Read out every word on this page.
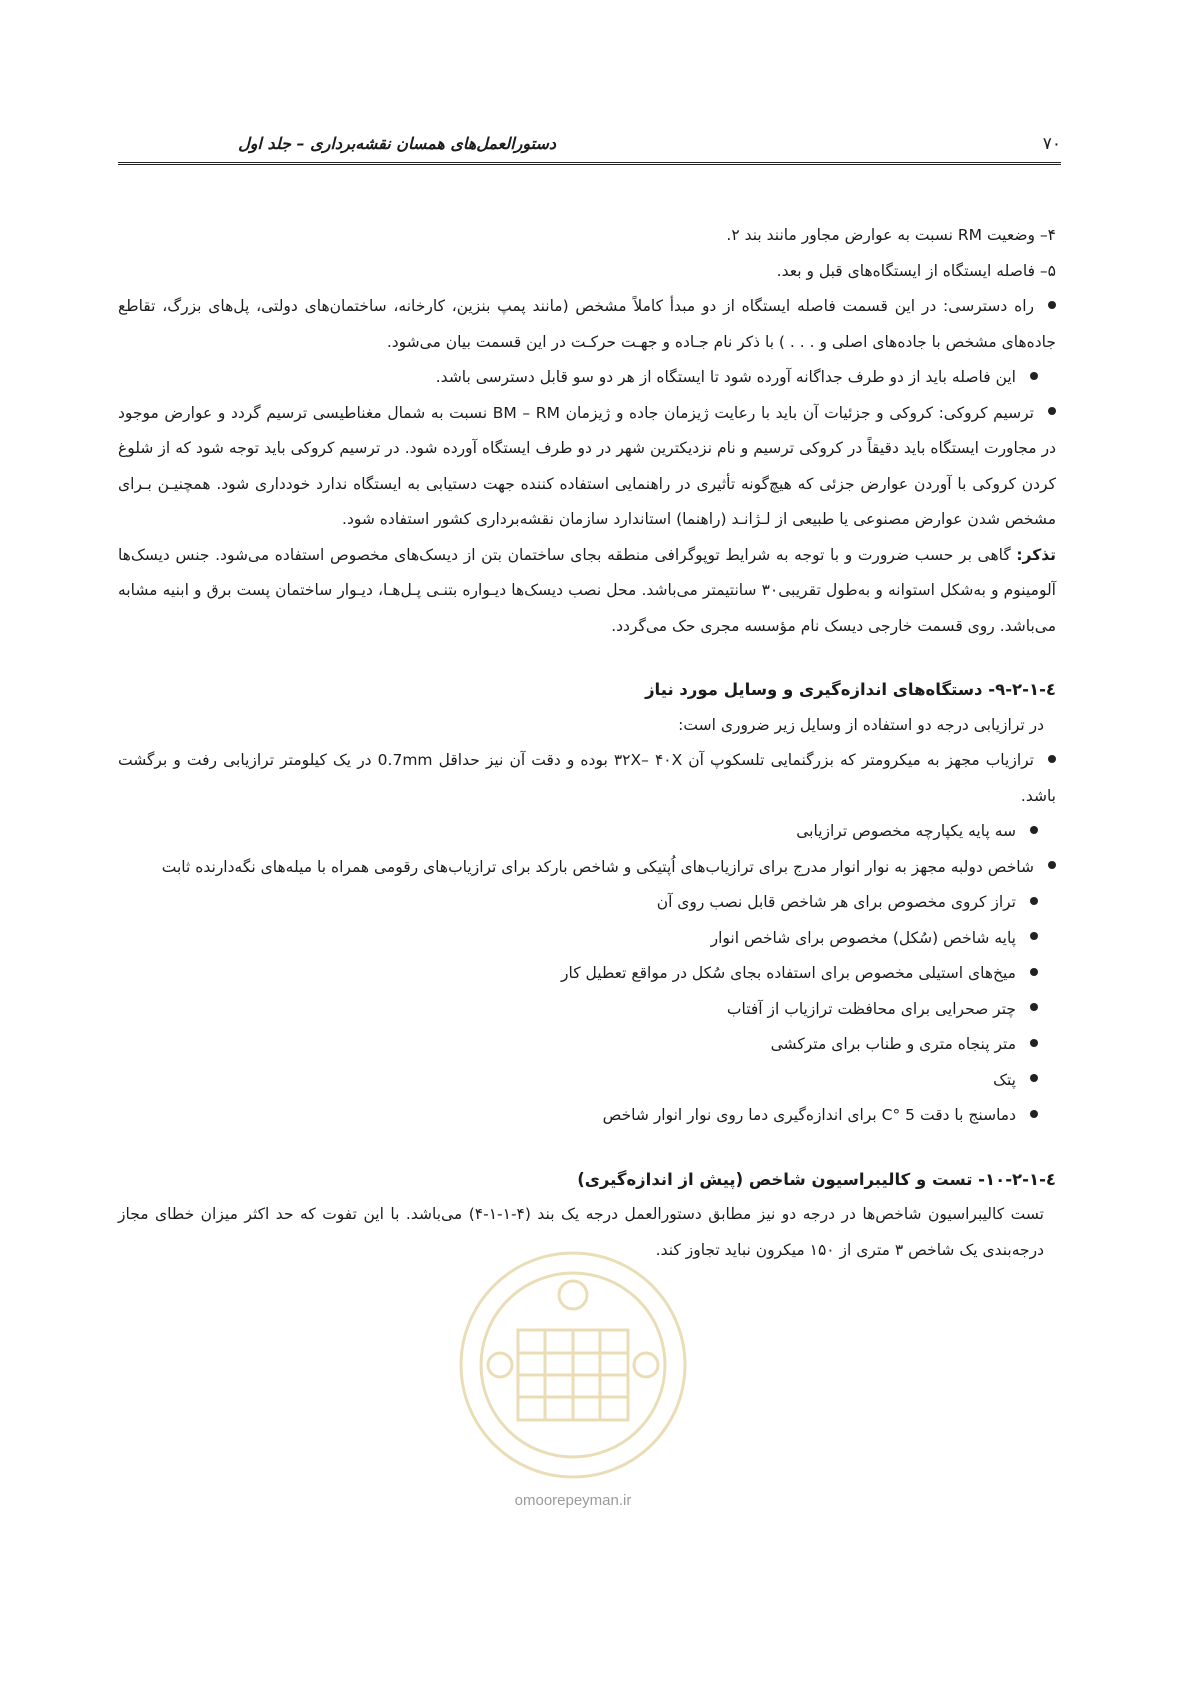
۷۰
دستورالعمل‌های همسان نقشه‌برداری – جلد اول

۴– وضعیت RM نسبت به عوارض مجاور مانند بند ۲.

۵– فاصله ایستگاه از ایستگاه‌های قبل و بعد.

راه دسترسی: در این قسمت فاصله ایستگاه از دو مبدأ کاملاً مشخص (مانند پمپ بنزین، کارخانه، ساختمان‌های دولتی، پل‌های بزرگ، تقاطع جاده‌های مشخص با جاده‌های اصلی و . . . ) با ذکر نام جـاده و جهـت حرکـت در این قسمت بیان می‌شود.

این فاصله باید از دو طرف جداگانه آورده شود تا ایستگاه از هر دو سو قابل دسترسی باشد.

ترسیم کروکی: کروکی و جزئیات آن باید با رعایت ژیزمان جاده و ژیزمان BM – RM نسبت به شمال مغناطیسی ترسیم گردد و عوارض موجود در مجاورت ایستگاه باید دقیقاً در کروکی ترسیم و نام نزدیکترین شهر در دو طرف ایستگاه آورده شود. در ترسیم کروکی باید توجه شود که از شلوغ کردن کروکی با آوردن عوارض جزئی که هیچ‌گونه تأثیری در راهنمایی استفاده کننده جهت دستیابی به ایستگاه ندارد خودداری شود. همچنیـن بـرای مشخص شدن عوارض مصنوعی یا طبیعی از لـژانـد (راهنما) استاندارد سازمان نقشه‌برداری کشور استفاده شود.

تذکر: گاهی بر حسب ضرورت و با توجه به شرایط توپوگرافی منطقه بجای ساختمان بتن از دیسک‌های مخصوص استفاده می‌شود. جنس دیسک‌ها آلومینوم و به‌شکل استوانه و به‌طول تقریبی۳۰ سانتیمتر می‌باشد. محل نصب دیسک‌ها دیـواره بتنـی پـل‌هـا، دیـوار ساختمان پست برق و ابنیه مشابه می‌باشد. روی قسمت خارجی دیسک نام مؤسسه مجری حک می‌گردد.

٤-١-٢-٩- دستگاه‌های اندازه‌گیری و وسایل مورد نیاز

در ترازیابی درجه دو استفاده از وسایل زیر ضروری است:

ترازیاب مجهز به میکرومتر که بزرگنمایی تلسکوپ آن ۳۲X– ۴۰X بوده و دقت آن نیز حداقل 0.7mm در یک کیلومتر ترازیابی رفت و برگشت باشد.

سه پایه یکپارچه مخصوص ترازیابی

شاخص دولبه مجهز به نوار انوار مدرج برای ترازیاب‌های اُپتیکی و شاخص بارکد برای ترازیاب‌های رقومی همراه با میله‌های نگه‌دارنده ثابت

تراز کروی مخصوص برای هر شاخص قابل نصب روی آن

پایه شاخص (سُکل) مخصوص برای شاخص انوار

میخ‌های استیلی مخصوص برای استفاده بجای سُکل در مواقع تعطیل کار

چتر صحرایی برای محافظت ترازیاب از آفتاب

متر پنجاه متری و طناب برای مترکشی

پتک

دماسنج با دقت 5 °C برای اندازه‌گیری دما روی نوار انوار شاخص

٤-١-٢-١٠- تست و کالیبراسیون شاخص (پیش از اندازه‌گیری)

تست کالیبراسیون شاخص‌ها در درجه دو نیز مطابق دستورالعمل درجه یک بند (۴-۱-۱-۴) می‌باشد. با این تفوت که حد اکثر میزان خطای مجاز درجه‌بندی یک شاخص ۳ متری از ۱۵۰ میکرون نباید تجاوز کند.

omoorepeyman.ir
